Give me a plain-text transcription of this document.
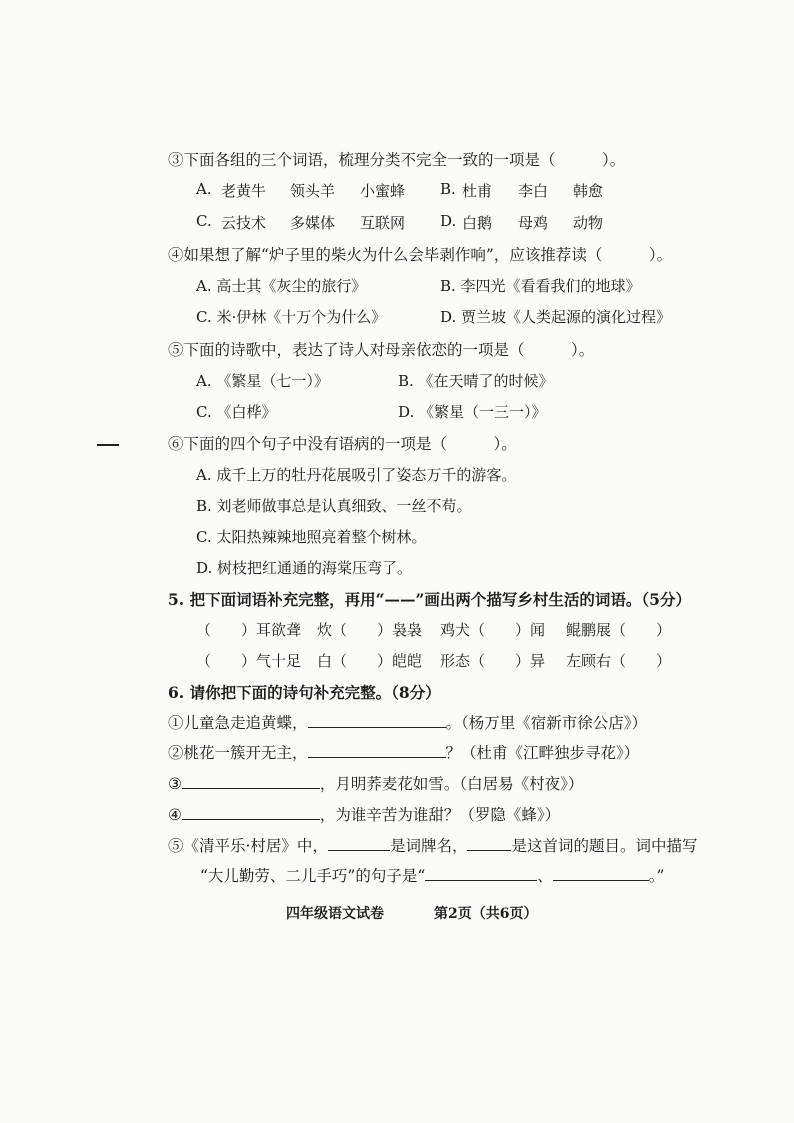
③下面各组的三个词语，梳理分类不完全一致的一项是（　　　）。
A. 老黄牛 领头羊 小蜜蜂 B. 杜甫 李白 韩愈
C. 云技术 多媒体 互联网 D. 白鹅 母鸡 动物
④如果想了解“炉子里的柴火为什么会毕剥作响”，应该推荐读（　　　）。
A. 高士其《灰尘的旅行》	B. 李四光《看看我们的地球》
C. 米·伊林《十万个为什么》	D. 贾兰坡《人类起源的演化过程》
⑤下面的诗歌中，表达了诗人对母亲依恋的一项是（　　　）。
A. 《繁星（七一）》	B. 《在天晴了的时候》
C. 《白桦》	D. 《繁星（一三一）》
⑥下面的四个句子中没有语病的一项是（　　　）。
A. 成千上万的牡丹花展吸引了姿态万千的游客。
B. 刘老师做事总是认真细致、一丝不苟。
C. 太阳热辣辣地照亮着整个树林。
D. 树枝把红通通的海棠压弯了。
5. 把下面词语补充完整，再用“——”画出两个描写乡村生活的词语。（5分）
（　　）耳欲聋 炊（　　）袅袅 鸡犬（　　）闻 鲲鹏展（　　）
（　　）气十足 白（　　）皑皑 形态（　　）异 左顾右（　　）
6. 请你把下面的诗句补充完整。（8分）
①儿童急走追黄蝶，	。（杨万里《宿新市徐公店》）
②桃花一簇开无主，	？（杜甫《江畔独步寻花》）
③	，月明荞麦花如雪。（白居易《村夜》）
④	，为谁辛苦为谁甜？（罗隐《蜂》）
⑤《清平乐·村居》中，	是词牌名，	是这首词的题目。词中描写
“大儿勤劳、二儿手巧”的句子是“	、	。”
四年级语文试卷	第2页（共6页）
